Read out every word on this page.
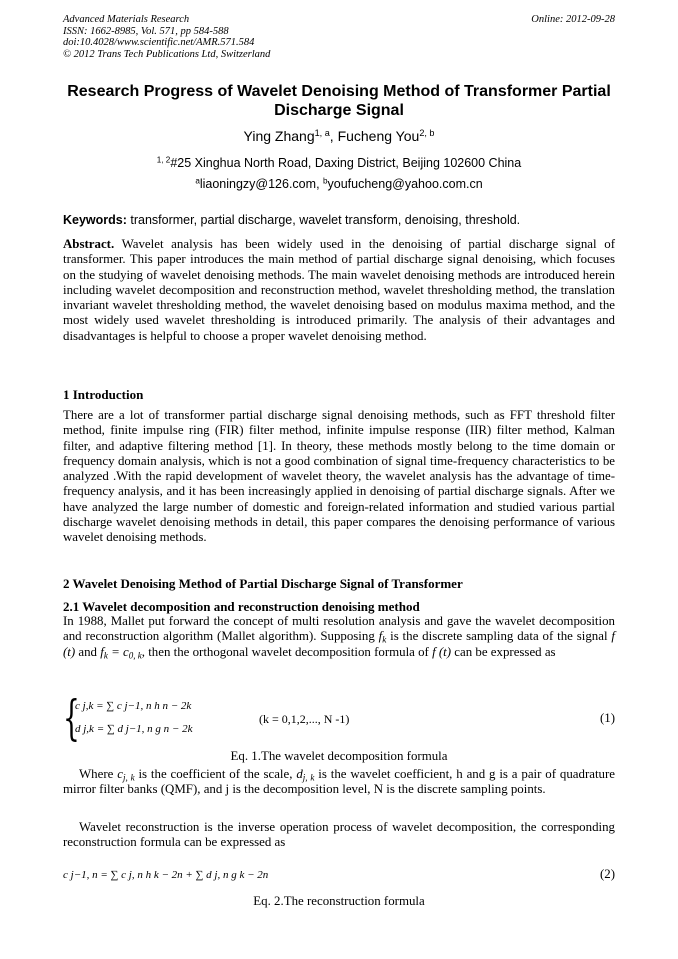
Advanced Materials Research
ISSN: 1662-8985, Vol. 571, pp 584-588
doi:10.4028/www.scientific.net/AMR.571.584
© 2012 Trans Tech Publications Ltd, Switzerland
Online: 2012-09-28
Research Progress of Wavelet Denoising Method of Transformer Partial Discharge Signal
Ying Zhang$^{1, a}$, Fucheng You$^{2, b}$
$^{1, 2}$#25 Xinghua North Road, Daxing District, Beijing 102600 China
$^a$liaoningzy@126.com, $^b$youfucheng@yahoo.com.cn
Keywords: transformer, partial discharge, wavelet transform, denoising, threshold.
Abstract. Wavelet analysis has been widely used in the denoising of partial discharge signal of transformer. This paper introduces the main method of partial discharge signal denoising, which focuses on the studying of wavelet denoising methods. The main wavelet denoising methods are introduced herein including wavelet decomposition and reconstruction method, wavelet thresholding method, the translation invariant wavelet thresholding method, the wavelet denoising based on modulus maxima method, and the most widely used wavelet thresholding is introduced primarily. The analysis of their advantages and disadvantages is helpful to choose a proper wavelet denoising method.
1 Introduction
There are a lot of transformer partial discharge signal denoising methods, such as FFT threshold filter method, finite impulse ring (FIR) filter method, infinite impulse response (IIR) filter method, Kalman filter, and adaptive filtering method [1]. In theory, these methods mostly belong to the time domain or frequency domain analysis, which is not a good combination of signal time-frequency characteristics to be analyzed .With the rapid development of wavelet theory, the wavelet analysis has the advantage of time-frequency analysis, and it has been increasingly applied in denoising of partial discharge signals. After we have analyzed the large number of domestic and foreign-related information and studied various partial discharge wavelet denoising methods in detail, this paper compares the denoising performance of various wavelet denoising methods.
2 Wavelet Denoising Method of Partial Discharge Signal of Transformer
2.1 Wavelet decomposition and reconstruction denoising method
In 1988, Mallet put forward the concept of multi resolution analysis and gave the wavelet decomposition and reconstruction algorithm (Mallet algorithm). Supposing $f_k$ is the discrete sampling data of the signal f (t) and $f_k = c_{0, k}$, then the orthogonal wavelet decomposition formula of f (t) can be expressed as
{
c j,k = ∑ c j−1, n h n − 2k
d j,k = ∑ d j−1, n g n − 2k
(k = 0,1,2,..., N -1)	(1)
Eq. 1.The wavelet decomposition formula
Where $c_{j, k}$ is the coefficient of the scale, $d_{j, k}$ is the wavelet coefficient, h and g is a pair of quadrature mirror filter banks (QMF), and j is the decomposition level, N is the discrete sampling points.
Wavelet reconstruction is the inverse operation process of wavelet decomposition, the corresponding reconstruction formula can be expressed as
c j−1, n = ∑ c j, n h k − 2n + ∑ d j, n g k − 2n	(2)
Eq. 2.The reconstruction formula
